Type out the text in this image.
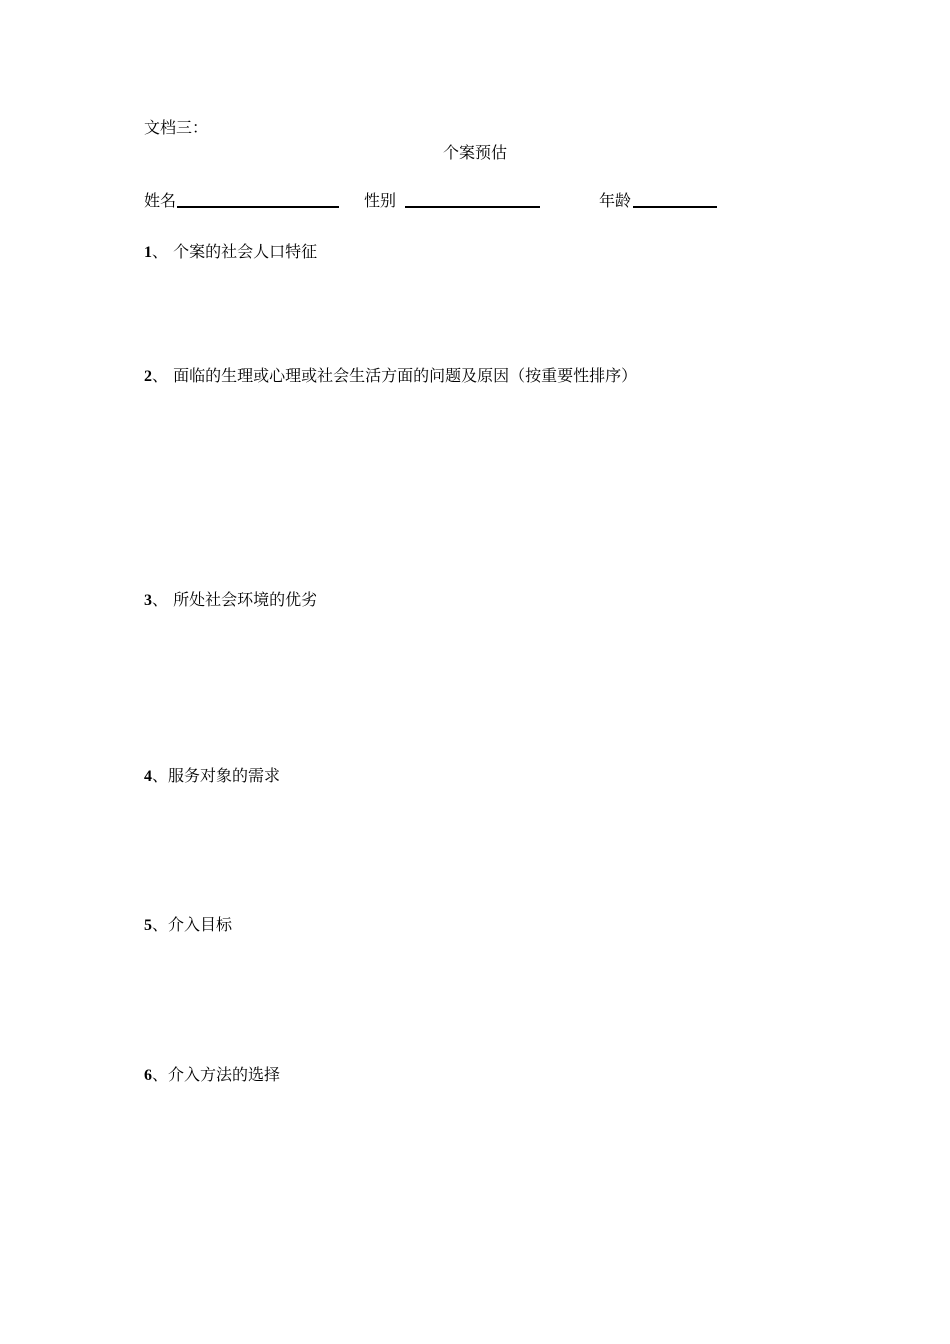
文档三：
个案预估
姓名	性别	年龄
1、 个案的社会人口特征
2、 面临的生理或心理或社会生活方面的问题及原因（按重要性排序）
3、 所处社会环境的优劣
4、服务对象的需求
5、介入目标
6、介入方法的选择
